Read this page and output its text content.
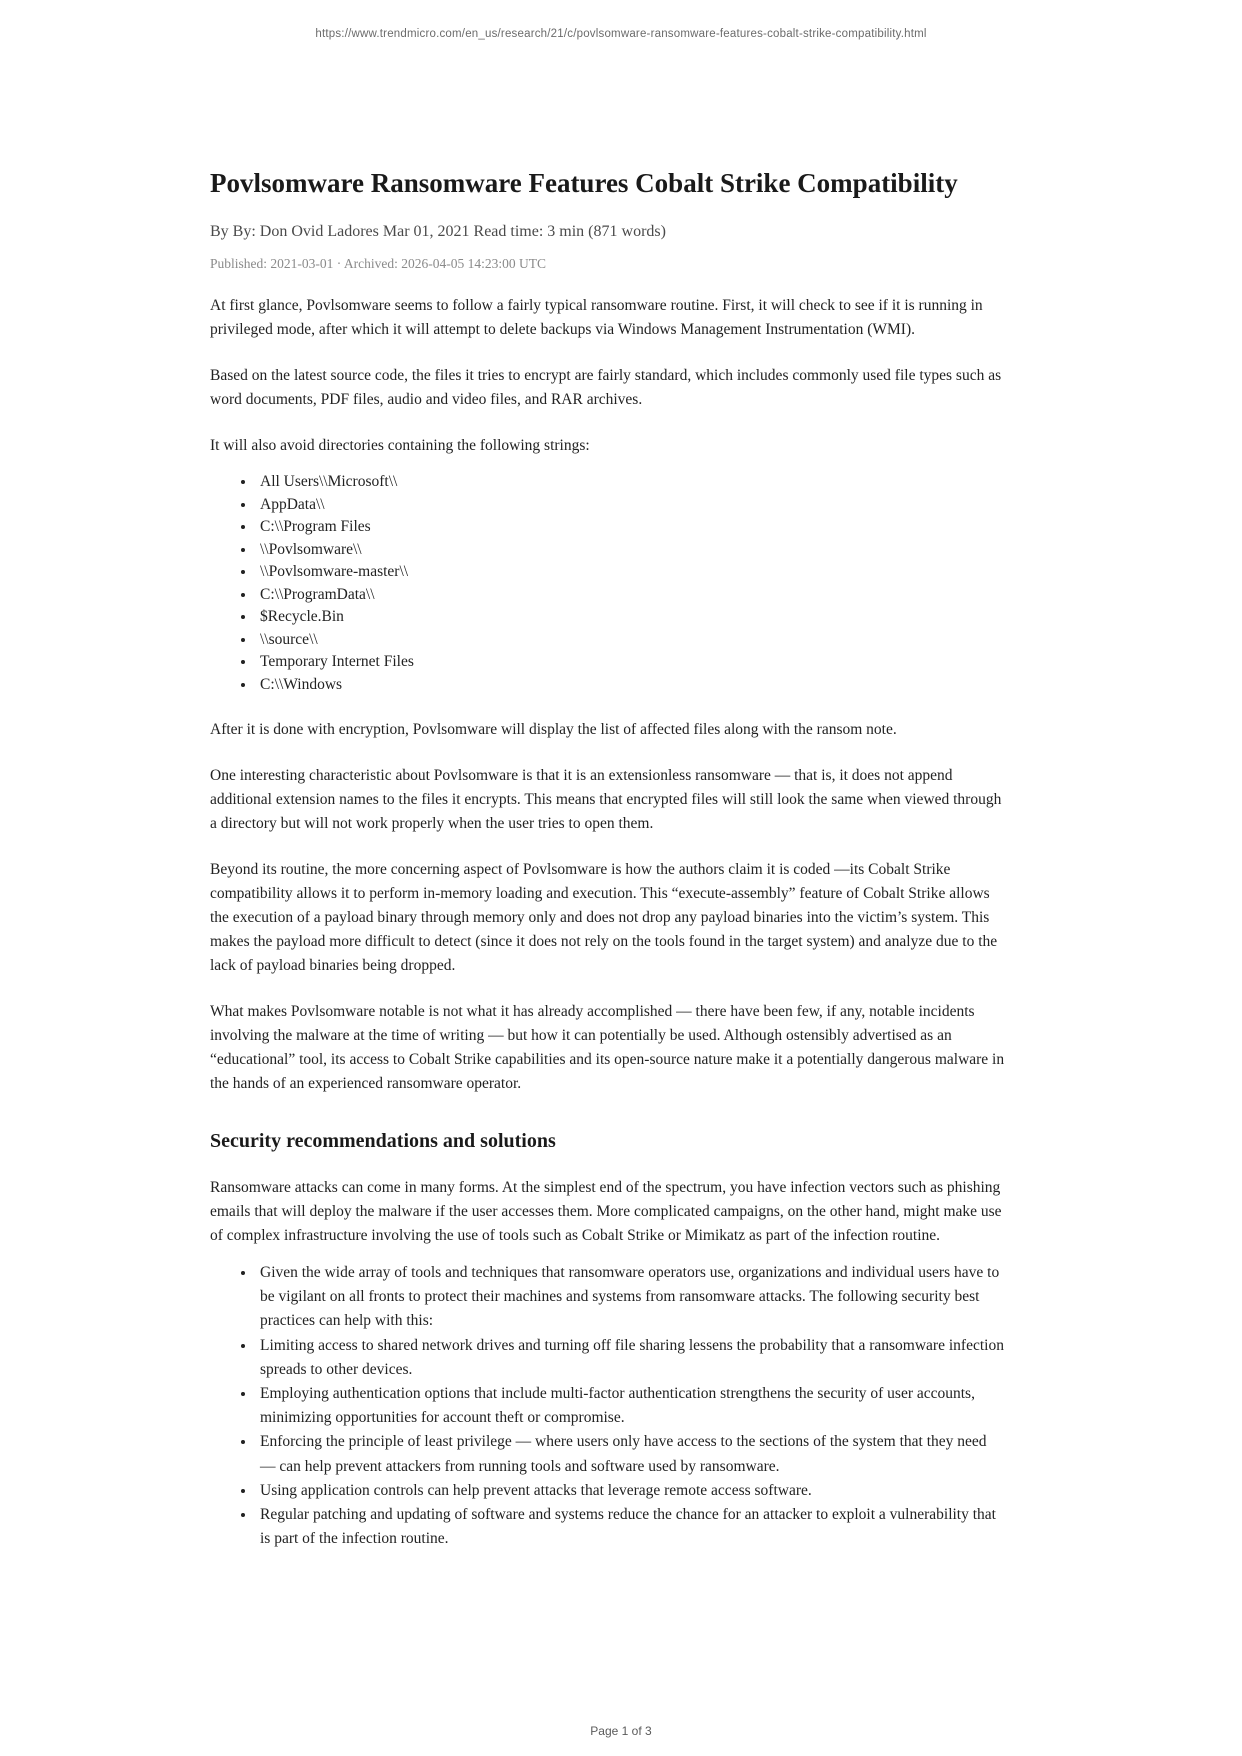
https://www.trendmicro.com/en_us/research/21/c/povlsomware-ransomware-features-cobalt-strike-compatibility.html
Povlsomware Ransomware Features Cobalt Strike Compatibility

By By: Don Ovid Ladores Mar 01, 2021 Read time: 3 min (871 words)

Published: 2021-03-01 · Archived: 2026-04-05 14:23:00 UTC

At first glance, Povlsomware seems to follow a fairly typical ransomware routine. First, it will check to see if it is running in privileged mode, after which it will attempt to delete backups via Windows Management Instrumentation (WMI).

Based on the latest source code, the files it tries to encrypt are fairly standard, which includes commonly used file types such as word documents, PDF files, audio and video files, and RAR archives.

It will also avoid directories containing the following strings:

• All Users\\Microsoft\\
• AppData\\
• C:\\Program Files
• \\Povlsomware\\
• \\Povlsomware-master\\
• C:\\ProgramData\\
• $Recycle.Bin
• \\source\\
• Temporary Internet Files
• C:\\Windows

After it is done with encryption, Povlsomware will display the list of affected files along with the ransom note.

One interesting characteristic about Povlsomware is that it is an extensionless ransomware — that is, it does not append additional extension names to the files it encrypts. This means that encrypted files will still look the same when viewed through a directory but will not work properly when the user tries to open them.

Beyond its routine, the more concerning aspect of Povlsomware is how the authors claim it is coded —its Cobalt Strike compatibility allows it to perform in-memory loading and execution. This “execute-assembly” feature of Cobalt Strike allows the execution of a payload binary through memory only and does not drop any payload binaries into the victim’s system. This makes the payload more difficult to detect (since it does not rely on the tools found in the target system) and analyze due to the lack of payload binaries being dropped.

What makes Povlsomware notable is not what it has already accomplished — there have been few, if any, notable incidents involving the malware at the time of writing — but how it can potentially be used. Although ostensibly advertised as an “educational” tool, its access to Cobalt Strike capabilities and its open-source nature make it a potentially dangerous malware in the hands of an experienced ransomware operator.

Security recommendations and solutions

Ransomware attacks can come in many forms. At the simplest end of the spectrum, you have infection vectors such as phishing emails that will deploy the malware if the user accesses them. More complicated campaigns, on the other hand, might make use of complex infrastructure involving the use of tools such as Cobalt Strike or Mimikatz as part of the infection routine.

• Given the wide array of tools and techniques that ransomware operators use, organizations and individual users have to be vigilant on all fronts to protect their machines and systems from ransomware attacks. The following security best practices can help with this:
• Limiting access to shared network drives and turning off file sharing lessens the probability that a ransomware infection spreads to other devices.
• Employing authentication options that include multi-factor authentication strengthens the security of user accounts, minimizing opportunities for account theft or compromise.
• Enforcing the principle of least privilege — where users only have access to the sections of the system that they need — can help prevent attackers from running tools and software used by ransomware.
• Using application controls can help prevent attacks that leverage remote access software.
• Regular patching and updating of software and systems reduce the chance for an attacker to exploit a vulnerability that is part of the infection routine.
Page 1 of 3
